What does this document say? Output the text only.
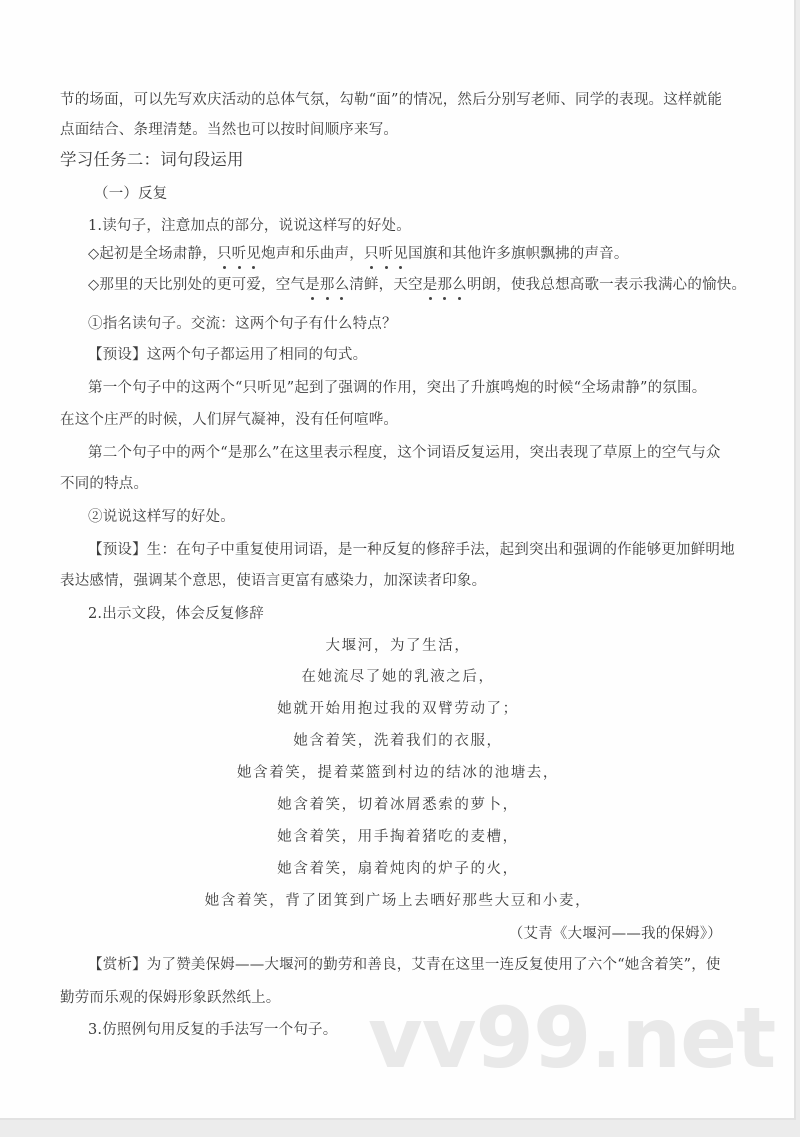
节的场面，可以先写欢庆活动的总体气氛，勾勒“面”的情况，然后分别写老师、同学的表现。这样就能
点面结合、条理清楚。当然也可以按时间顺序来写。
学习任务二：词句段运用
（一）反复
1.读句子，注意加点的部分，说说这样写的好处。
◇起初是全场肃静，只听见炮声和乐曲声，只听见国旗和其他许多旗帜飘拂的声音。
◇那里的天比别处的更可爱，空气是那么清鲜，天空是那么明朗，使我总想高歌一表示我满心的愉快。
①指名读句子。交流：这两个句子有什么特点？
【预设】这两个句子都运用了相同的句式。
第一个句子中的这两个“只听见”起到了强调的作用，突出了升旗鸣炮的时候“全场肃静”的氛围。
在这个庄严的时候，人们屏气凝神，没有任何喧哗。
第二个句子中的两个“是那么”在这里表示程度，这个词语反复运用，突出表现了草原上的空气与众
不同的特点。
②说说这样写的好处。
【预设】生：在句子中重复使用词语，是一种反复的修辞手法，起到突出和强调的作能够更加鲜明地
表达感情，强调某个意思，使语言更富有感染力，加深读者印象。
2.出示文段，体会反复修辞
大堰河，为了生活，
在她流尽了她的乳液之后，
她就开始用抱过我的双臂劳动了；
她含着笑，洗着我们的衣服，
她含着笑，提着菜篮到村边的结冰的池塘去，
她含着笑，切着冰屑悉索的萝卜，
她含着笑，用手掏着猪吃的麦槽，
她含着笑，扇着炖肉的炉子的火，
她含着笑，背了团箕到广场上去晒好那些大豆和小麦，
（艾青《大堰河——我的保姆》）
【赏析】为了赞美保姆——大堰河的勤劳和善良，艾青在这里一连反复使用了六个“她含着笑”，使
勤劳而乐观的保姆形象跃然纸上。
3.仿照例句用反复的手法写一个句子。 vv99.net
